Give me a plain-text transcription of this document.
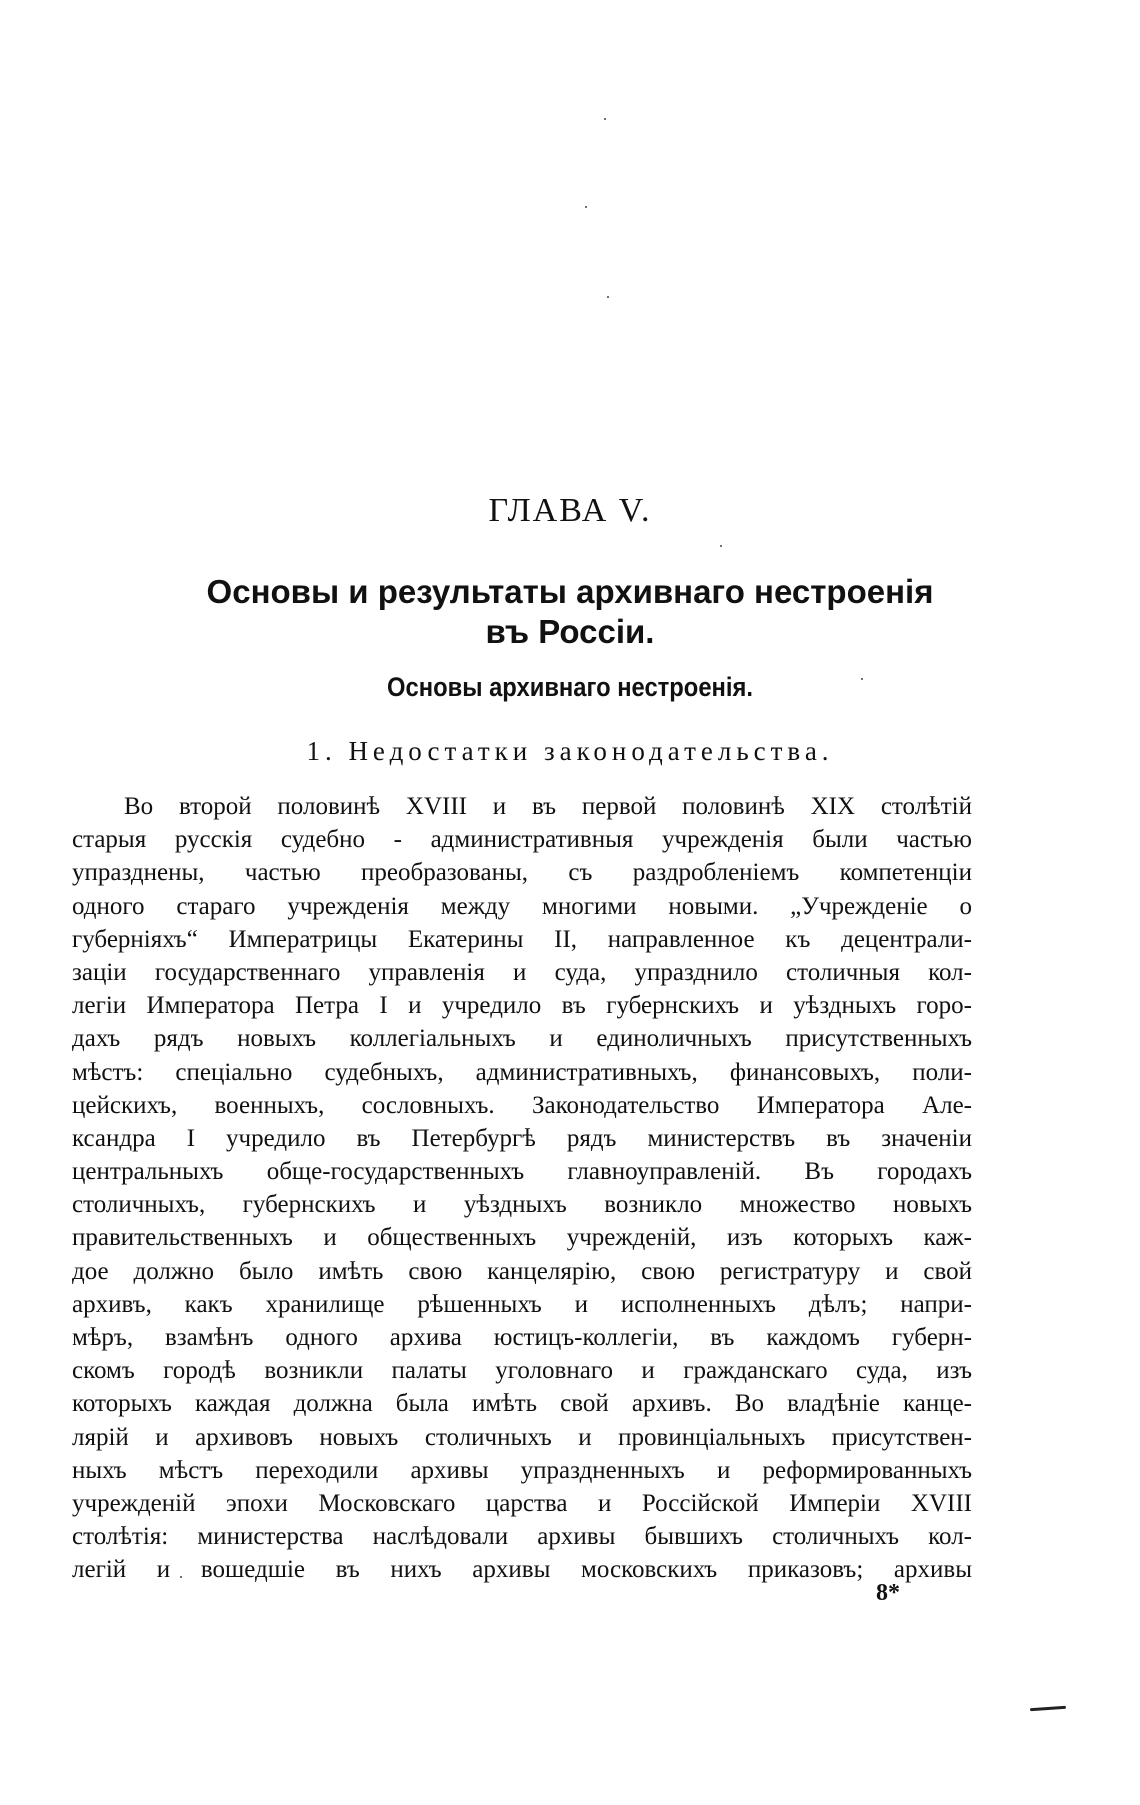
ГЛАВА V.
Основы и результаты архивнаго нестроенія
въ Россіи.
Основы архивнаго нестроенія.
1. Недостатки законодательства.
Во второй половинѣ XVIII и въ первой половинѣ XIX столѣтій
старыя русскія судебно - административныя учрежденія были частью
упразднены, частью преобразованы, съ раздробленіемъ компетенціи
одного стараго учрежденія между многими новыми. „Учрежденіе о
губерніяхъ“ Императрицы Екатерины II, направленное къ децентрали-
заціи государственнаго управленія и суда, упразднило столичныя кол-
легіи Императора Петра I и учредило въ губернскихъ и уѣздныхъ горо-
дахъ рядъ новыхъ коллегіальныхъ и единоличныхъ присутственныхъ
мѣстъ: спеціально судебныхъ, административныхъ, финансовыхъ, поли-
цейскихъ, военныхъ, сословныхъ. Законодательство Императора Але-
ксандра I учредило въ Петербургѣ рядъ министерствъ въ значеніи
центральныхъ обще-государственныхъ главноуправленій. Въ городахъ
столичныхъ, губернскихъ и уѣздныхъ возникло множество новыхъ
правительственныхъ и общественныхъ учрежденій, изъ которыхъ каж-
дое должно было имѣть свою канцелярію, свою регистратуру и свой
архивъ, какъ хранилище рѣшенныхъ и исполненныхъ дѣлъ; напри-
мѣръ, взамѣнъ одного архива юстицъ-коллегіи, въ каждомъ губерн-
скомъ городѣ возникли палаты уголовнаго и гражданскаго суда, изъ
которыхъ каждая должна была имѣть свой архивъ. Во владѣніе канце-
лярій и архивовъ новыхъ столичныхъ и провинціальныхъ присутствен-
ныхъ мѣстъ переходили архивы упраздненныхъ и реформированныхъ
учрежденій эпохи Московскаго царства и Россійской Имперіи XVIII
столѣтія: министерства наслѣдовали архивы бывшихъ столичныхъ кол-
легій и вошедшіе въ нихъ архивы московскихъ приказовъ; архивы
8*
